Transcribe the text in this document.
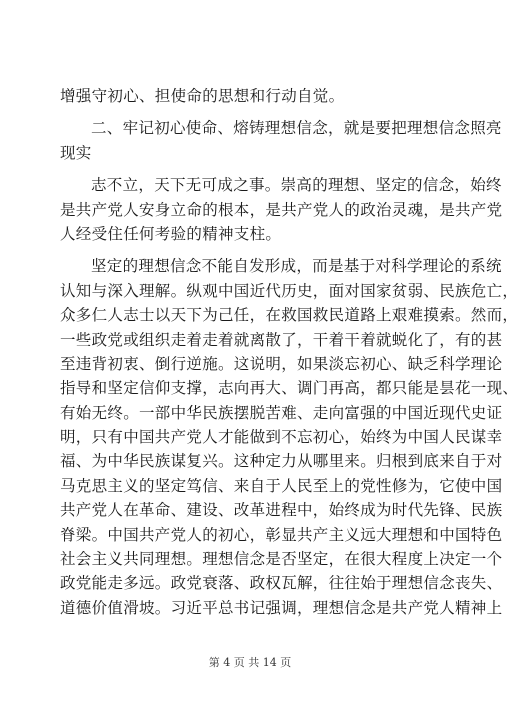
增强守初心、担使命的思想和行动自觉。
二、牢记初心使命、熔铸理想信念，就是要把理想信念照亮
现实
志不立，天下无可成之事。崇高的理想、坚定的信念，始终
是共产党人安身立命的根本，是共产党人的政治灵魂，是共产党
人经受住任何考验的精神支柱。
坚定的理想信念不能自发形成，而是基于对科学理论的系统
认知与深入理解。纵观中国近代历史，面对国家贫弱、民族危亡，
众多仁人志士以天下为己任，在救国救民道路上艰难摸索。然而，
一些政党或组织走着走着就离散了，干着干着就蜕化了，有的甚
至违背初衷、倒行逆施。这说明，如果淡忘初心、缺乏科学理论
指导和坚定信仰支撑，志向再大、调门再高，都只能是昙花一现、
有始无终。一部中华民族摆脱苦难、走向富强的中国近现代史证
明，只有中国共产党人才能做到不忘初心，始终为中国人民谋幸
福、为中华民族谋复兴。这种定力从哪里来。归根到底来自于对
马克思主义的坚定笃信、来自于人民至上的党性修为，它使中国
共产党人在革命、建设、改革进程中，始终成为时代先锋、民族
脊梁。中国共产党人的初心，彰显共产主义远大理想和中国特色
社会主义共同理想。理想信念是否坚定，在很大程度上决定一个
政党能走多远。政党衰落、政权瓦解，往往始于理想信念丧失、
道德价值滑坡。习近平总书记强调，理想信念是共产党人精神上
第 4 页 共 14 页
